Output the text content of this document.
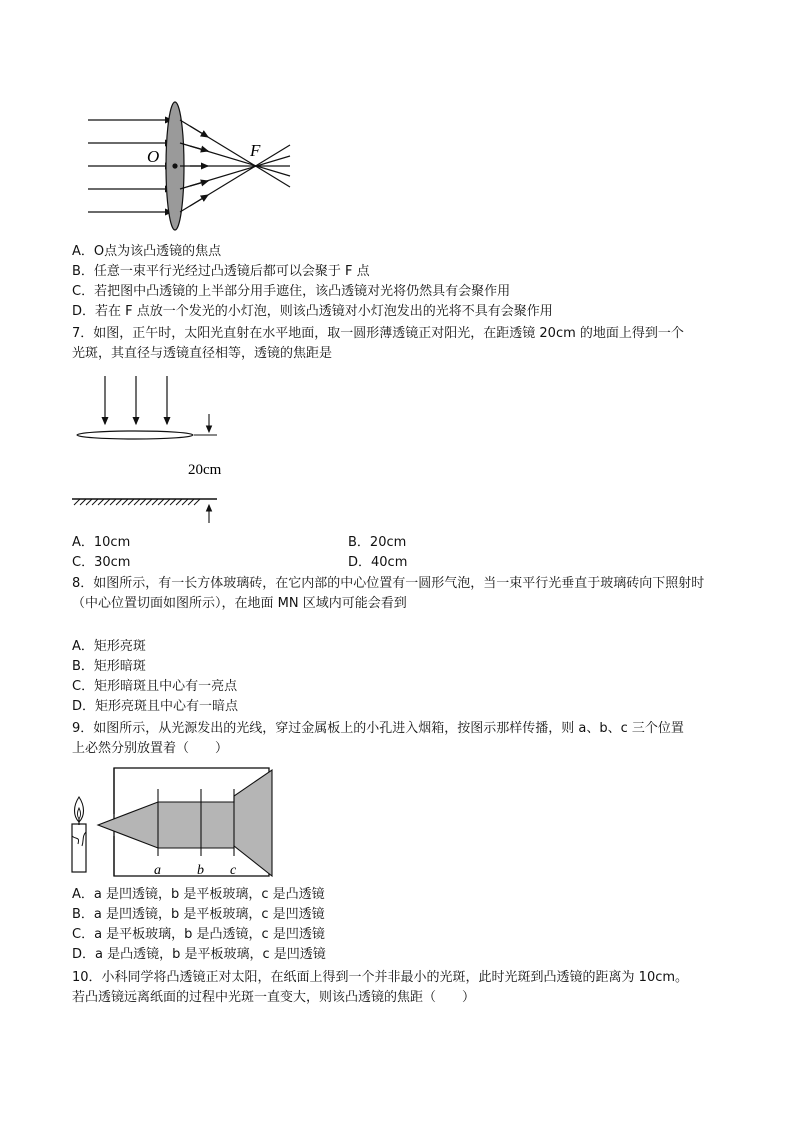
O	F
A．O点为该凸透镜的焦点
B．任意一束平行光经过凸透镜后都可以会聚于 F 点
C．若把图中凸透镜的上半部分用手遮住，该凸透镜对光将仍然具有会聚作用
D．若在 F 点放一个发光的小灯泡，则该凸透镜对小灯泡发出的光将不具有会聚作用
7．如图，正午时，太阳光直射在水平地面，取一圆形薄透镜正对阳光，在距透镜 20cm 的地面上得到一个
光斑，其直径与透镜直径相等，透镜的焦距是
20cm
A．10cm	B．20cm
C．30cm	D．40cm
8．如图所示，有一长方体玻璃砖，在它内部的中心位置有一圆形气泡，当一束平行光垂直于玻璃砖向下照射时
（中心位置切面如图所示），在地面 MN 区域内可能会看到
A．矩形亮斑
B．矩形暗斑
C．矩形暗斑且中心有一亮点
D．矩形亮斑且中心有一暗点
9．如图所示，从光源发出的光线，穿过金属板上的小孔进入烟箱，按图示那样传播，则 a、b、c 三个位置
上必然分别放置着（　　）
a	b c
A．a 是凹透镜，b 是平板玻璃，c 是凸透镜
B．a 是凹透镜，b 是平板玻璃，c 是凹透镜
C．a 是平板玻璃，b 是凸透镜，c 是凹透镜
D．a 是凸透镜，b 是平板玻璃，c 是凹透镜
10．小科同学将凸透镜正对太阳，在纸面上得到一个并非最小的光斑，此时光斑到凸透镜的距离为 10cm。
若凸透镜远离纸面的过程中光斑一直变大，则该凸透镜的焦距（　　）
